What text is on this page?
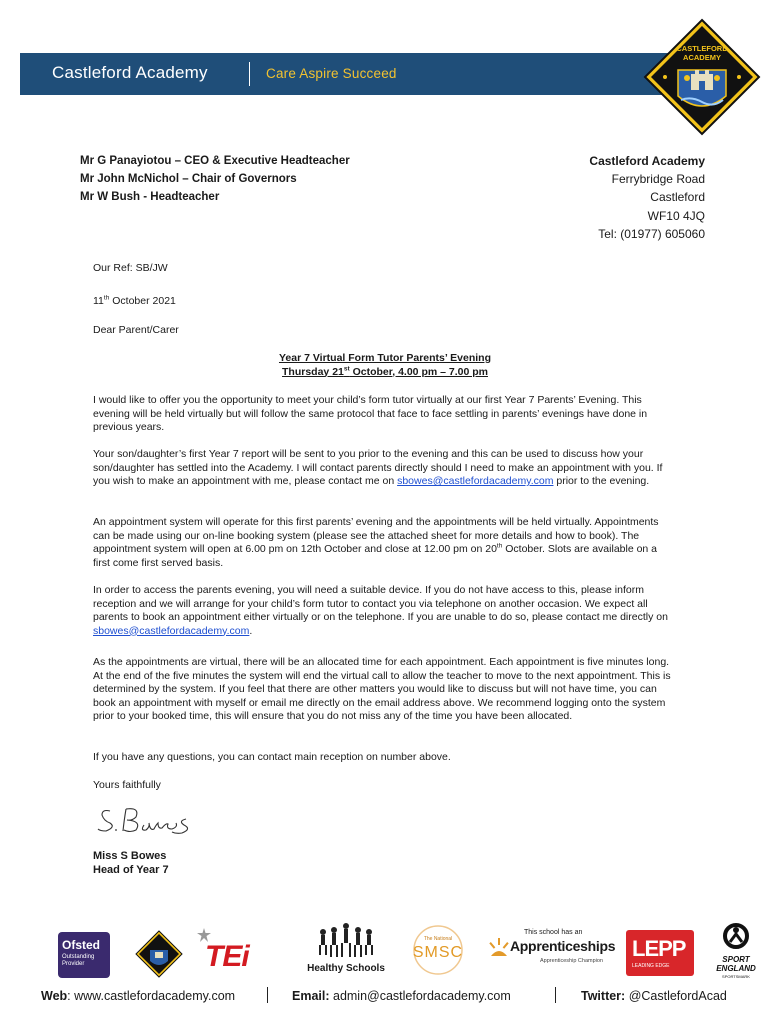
Castleford Academy	Care Aspire Succeed
CASTLEFORD
ACADEMY
Mr G Panayiotou – CEO & Executive Headteacher
Mr John McNichol – Chair of Governors
Mr W Bush - Headteacher
Castleford Academy
Ferrybridge Road
Castleford
WF10 4JQ
Tel: (01977) 605060
Our Ref: SB/JW
11th October 2021
Dear Parent/Carer
Year 7 Virtual Form Tutor Parents’ Evening
Thursday 21st October, 4.00 pm – 7.00 pm
I would like to offer you the opportunity to meet your child’s form tutor virtually at our first Year 7 Parents’ Evening. This evening will be held virtually but will follow the same protocol that face to face settling in parents’ evenings have done in previous years.
Your son/daughter’s first Year 7 report will be sent to you prior to the evening and this can be used to discuss how your son/daughter has settled into the Academy. I will contact parents directly should I need to make an appointment with you. If you wish to make an appointment with me, please contact me on sbowes@castlefordacademy.com prior to the evening.
An appointment system will operate for this first parents’ evening and the appointments will be held virtually. Appointments can be made using our on-line booking system (please see the attached sheet for more details and how to book). The appointment system will open at 6.00 pm on 12th October and close at 12.00 pm on 20th October. Slots are available on a first come first served basis.
In order to access the parents evening, you will need a suitable device. If you do not have access to this, please inform reception and we will arrange for your child’s form tutor to contact you via telephone on another occasion. We expect all parents to book an appointment either virtually or on the telephone. If you are unable to do so, please contact me directly on sbowes@castlefordacademy.com.
As the appointments are virtual, there will be an allocated time for each appointment. Each appointment is five minutes long. At the end of the five minutes the system will end the virtual call to allow the teacher to move to the next appointment. This is determined by the system. If you feel that there are other matters you would like to discuss but will not have time, you can book an appointment with myself or email me directly on the email address above. We recommend logging onto the system prior to your booked time, this will ensure that you do not miss any of the time you have been allocated.
If you have any questions, you can contact main reception on number above.
Yours faithfully
Miss S Bowes
Head of Year 7
Ofsted
Outstanding
Provider	TEi	Healthy Schools
The National
SMSC
This school has an
Apprenticeships
Apprenticeship Champion LEPP
LEADING EDGE
SPORT
ENGLAND
SPORTSMARK
Web: www.castlefordacademy.com	Email: admin@castlefordacademy.com	Twitter: @CastlefordAcad
